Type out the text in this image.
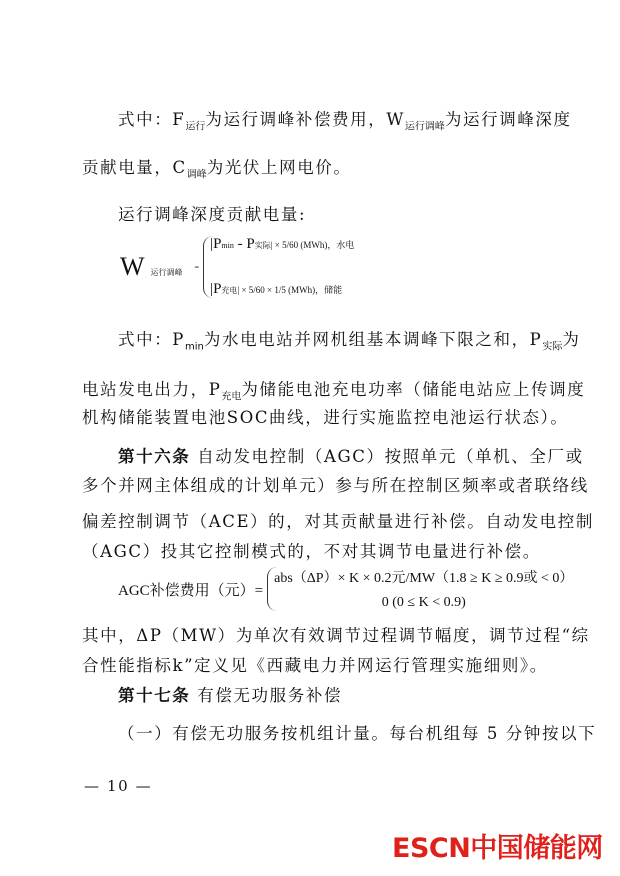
式中：$F_{运行}$为运行调峰补偿费用，$W_{运行调峰}$为运行调峰深度
贡献电量，$C_{调峰}$为光伏上网电价。
运行调峰深度贡献电量:
W 运行调峰
=
|Pmin - P实际| × 5/60 (MWh)，水电
|P充电| × 5/60 × 1/5 (MWh)，储能
式中：$P_{min}$为水电电站并网机组基本调峰下限之和，$P_{实际}$为
电站发电出力，$P_{充电}$为储能电池充电功率（储能电站应上传调度
机构储能装置电池SOC曲线，进行实施监控电池运行状态）。
第十六条 自动发电控制（AGC）按照单元（单机、全厂或
多个并网主体组成的计划单元）参与所在控制区频率或者联络线
偏差控制调节（ACE）的，对其贡献量进行补偿。自动发电控制
（AGC）投其它控制模式的，不对其调节电量进行补偿。
AGC补偿费用（元）=
abs（ΔP）× K × 0.2元/MW（1.8 ≥ K ≥ 0.9或 < 0）
0 (0 ≤ K < 0.9)
其中，ΔP（MW）为单次有效调节过程调节幅度，调节过程“综
合性能指标k”定义见《西藏电力并网运行管理实施细则》。
第十七条 有偿无功服务补偿
（一）有偿无功服务按机组计量。每台机组每 5 分钟按以下
— 10 —
ESCN中国储能网
